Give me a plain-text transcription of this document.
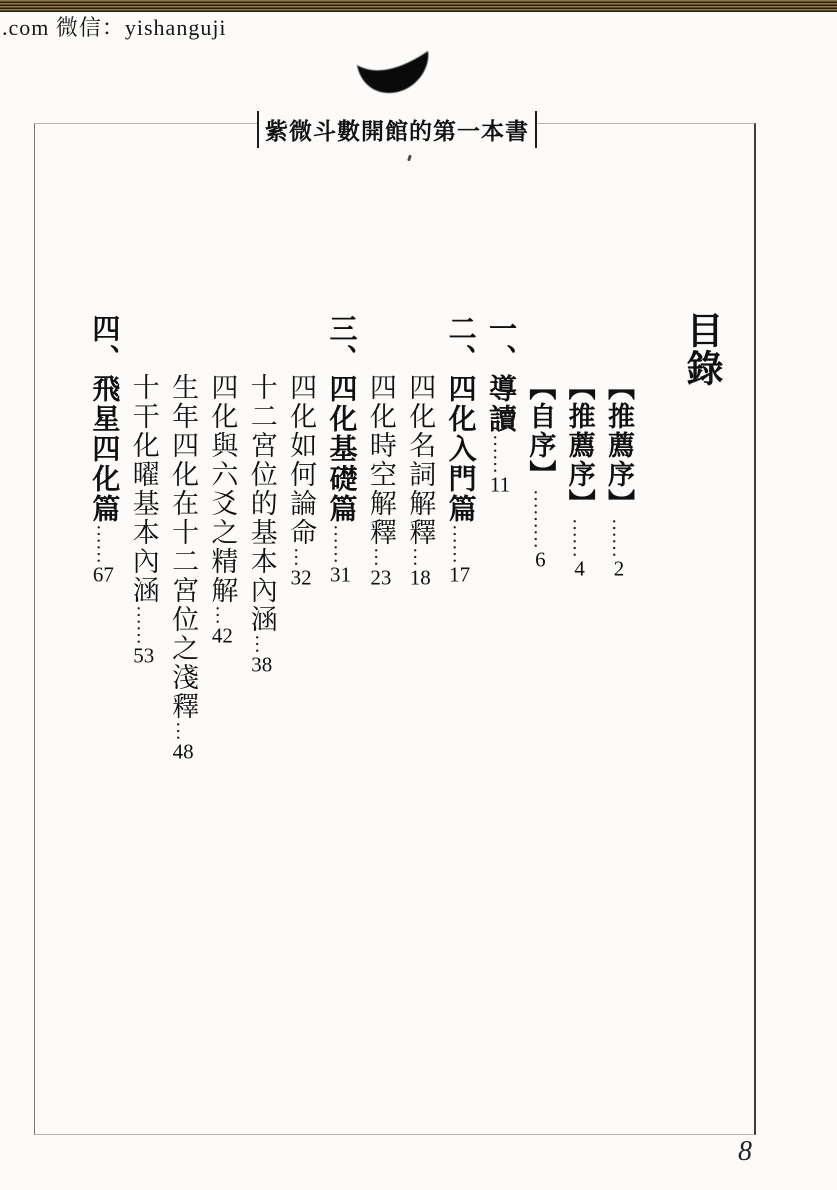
.com 微信：yishanguji
紫微斗數開館的第一本書
目錄
【推薦序】……2
【推薦序】……4
【自序】………6
一、導讀……11
二、四化入門篇……17
四化名詞解釋…18
四化時空解釋…23
三、四化基礎篇……31
四化如何論命…32
十二宮位的基本內涵…38
四化與六爻之精解…42
生年四化在十二宮位之淺釋…48
十干化曜基本內涵……53
四、飛星四化篇……67
8
